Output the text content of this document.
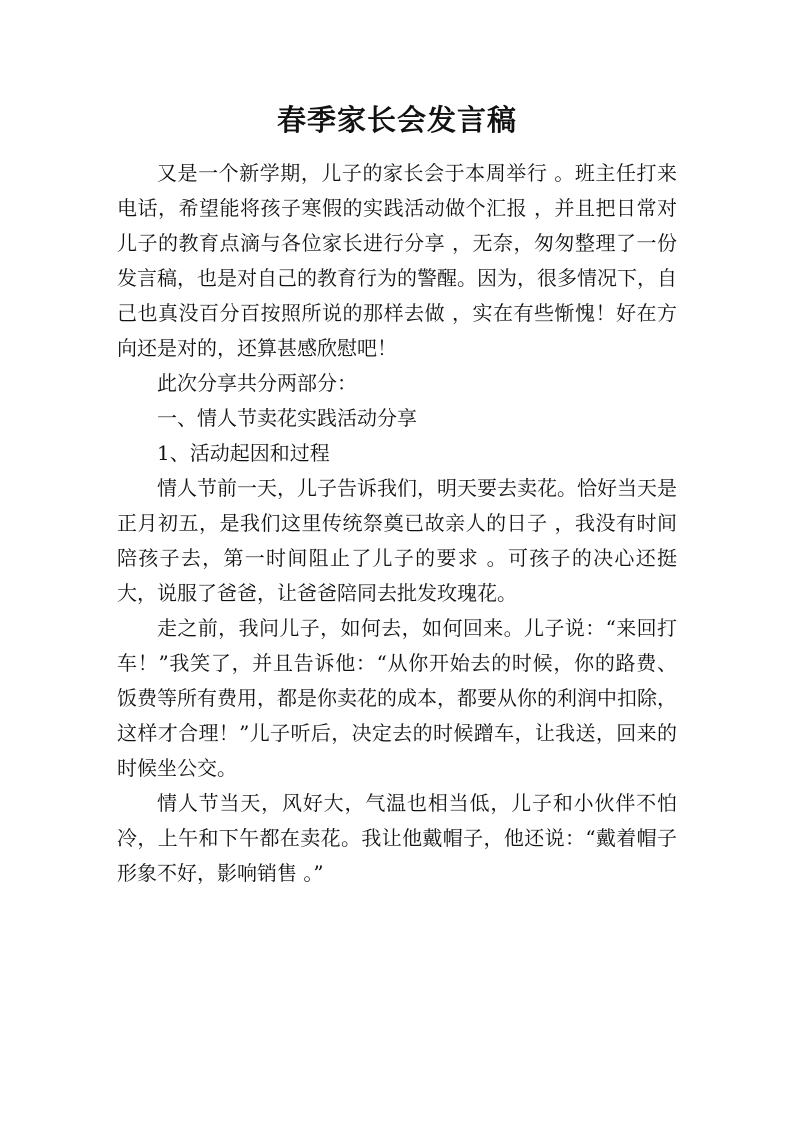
春季家长会发言稿

又是一个新学期，儿子的家长会于本周举行 。班主任打来电话，希望能将孩子寒假的实践活动做个汇报 ，并且把日常对儿子的教育点滴与各位家长进行分享 ，无奈，匆匆整理了一份发言稿，也是对自己的教育行为的警醒。因为，很多情况下，自己也真没百分百按照所说的那样去做 ，实在有些惭愧！好在方向还是对的，还算甚感欣慰吧！

此次分享共分两部分：

一、情人节卖花实践活动分享

1、活动起因和过程

情人节前一天，儿子告诉我们，明天要去卖花。恰好当天是正月初五，是我们这里传统祭奠已故亲人的日子 ，我没有时间陪孩子去，第一时间阻止了儿子的要求 。可孩子的决心还挺大，说服了爸爸，让爸爸陪同去批发玫瑰花。

走之前，我问儿子，如何去，如何回来。儿子说：“来回打车！”我笑了，并且告诉他：“从你开始去的时候，你的路费、饭费等所有费用，都是你卖花的成本，都要从你的利润中扣除，这样才合理！”儿子听后，决定去的时候蹭车，让我送，回来的时候坐公交。

情人节当天，风好大，气温也相当低，儿子和小伙伴不怕冷，上午和下午都在卖花。我让他戴帽子，他还说：“戴着帽子形象不好，影响销售 。”
